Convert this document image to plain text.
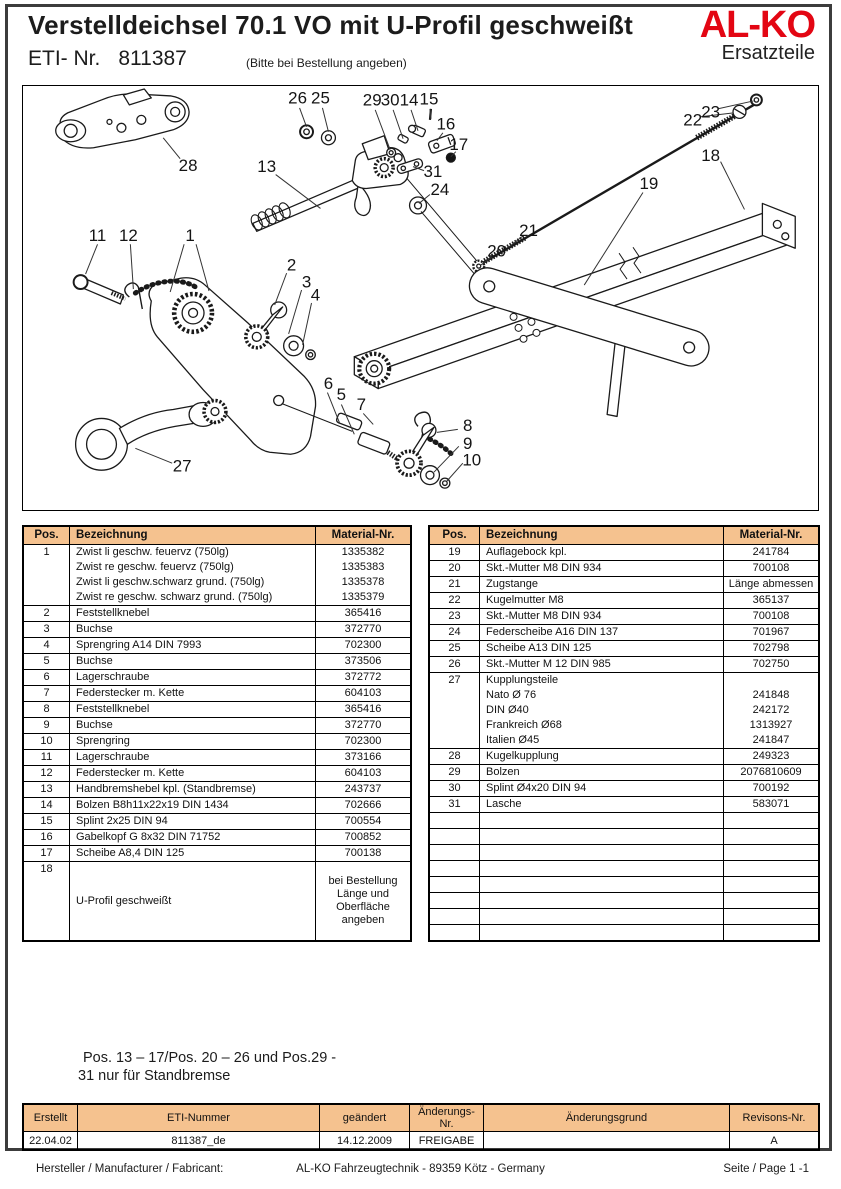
Verstelldeichsel 70.1 VO mit U-Profil geschweißt
ETI- Nr. 811387	(Bitte bei Bestellung angeben)
AL-KO
Ersatzteile
26 25 29 30 14 15
16
17
31
24
13
28
22 23
18
19
21
20
11 12	1
2
3
4
6
5
7
8
9
10
27
Pos.	Bezeichnung	Material-Nr.
1	Zwist li geschw. feuervz (750lg)	1335382
	Zwist re geschw. feuervz (750lg)	1335383
	Zwist li geschw.schwarz grund. (750lg)	1335378
	Zwist re geschw. schwarz grund. (750lg)	1335379
2	Feststellknebel	365416
3	Buchse	372770
4	Sprengring A14 DIN 7993	702300
5	Buchse	373506
6	Lagerschraube	372772
7	Federstecker m. Kette	604103
8	Feststellknebel	365416
9	Buchse	372770
10	Sprengring	702300
11	Lagerschraube	373166
12	Federstecker m. Kette	604103
13	Handbremshebel kpl. (Standbremse)	243737
14	Bolzen B8h11x22x19 DIN 1434	702666
15	Splint 2x25 DIN 94	700554
16	Gabelkopf G 8x32 DIN 71752	700852
17	Scheibe A8,4 DIN 125	700138
18	U-Profil geschweißt	bei Bestellung Länge und Oberfläche angeben
Pos.	Bezeichnung	Material-Nr.
19	Auflagebock kpl.	241784
20	Skt.-Mutter M8 DIN 934	700108
21	Zugstange	Länge abmessen
22	Kugelmutter M8	365137
23	Skt.-Mutter M8 DIN 934	700108
24	Federscheibe A16 DIN 137	701967
25	Scheibe A13 DIN 125	702798
26	Skt.-Mutter M 12 DIN 985	702750
27	Kupplungsteile	
	Nato Ø 76	241848
	DIN Ø40	242172
	Frankreich Ø68	1313927
	Italien Ø45	241847
28	Kugelkupplung	249323
29	Bolzen	2076810609
30	Splint Ø4x20 DIN 94	700192
31	Lasche	583071

Pos. 13 – 17/Pos. 20 – 26 und Pos.29 -
31 nur für Standbremse
Erstellt	ETI-Nummer	geändert	Änderungs-Nr.	Änderungsgrund	Revisons-Nr.
22.04.02	811387_de	14.12.2009	FREIGABE		A
AL-KO Fahrzeugtechnik - 89359 Kötz - Germany
Hersteller / Manufacturer / Fabricant:	Seite / Page 1 -1
